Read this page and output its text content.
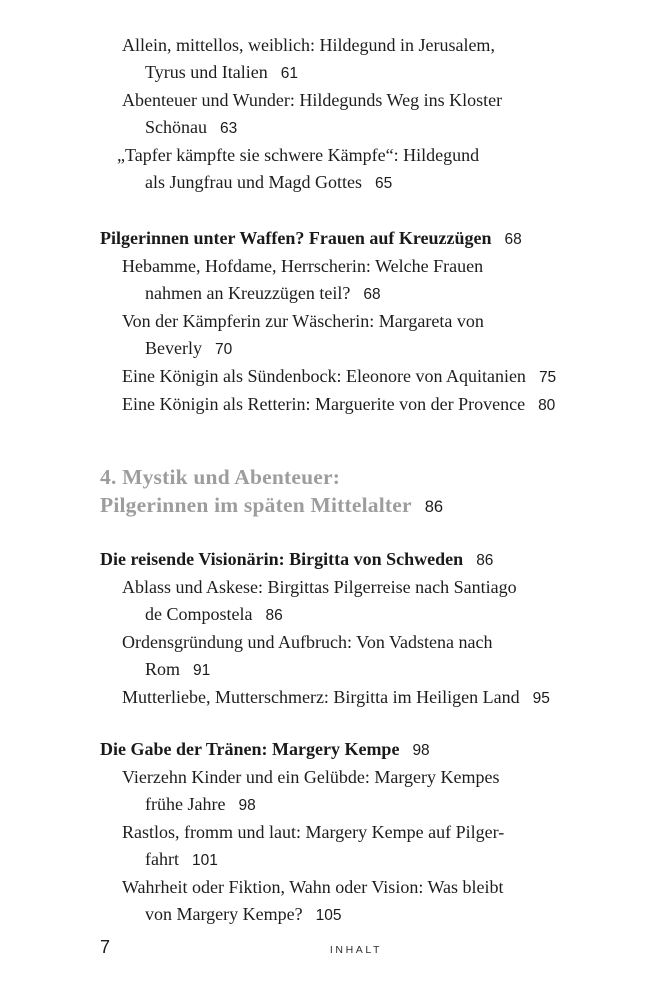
Allein, mittellos, weiblich: Hildegund in Jerusalem,

Tyrus und Italien 61

Abenteuer und Wunder: Hildegunds Weg ins Kloster

Schönau 63

„Tapfer kämpfte sie schwere Kämpfe“: Hildegund

als Jungfrau und Magd Gottes 65

Pilgerinnen unter Waffen? Frauen auf Kreuzzügen 68

Hebamme, Hofdame, Herrscherin: Welche Frauen

nahmen an Kreuzzügen teil? 68

Von der Kämpferin zur Wäscherin: Margareta von

Beverly 70

Eine Königin als Sündenbock: Eleonore von Aquitanien 75

Eine Königin als Retterin: Marguerite von der Provence 80

4. Mystik und Abenteuer:

Pilgerinnen im späten Mittelalter 86

Die reisende Visionärin: Birgitta von Schweden 86

Ablass und Askese: Birgittas Pilgerreise nach Santiago

de Compostela 86

Ordensgründung und Aufbruch: Von Vadstena nach

Rom 91

Mutterliebe, Mutterschmerz: Birgitta im Heiligen Land 95

Die Gabe der Tränen: Margery Kempe 98

Vierzehn Kinder und ein Gelübde: Margery Kempes

frühe Jahre 98

Rastlos, fromm und laut: Margery Kempe auf Pilger-

fahrt 101

Wahrheit oder Fiktion, Wahn oder Vision: Was bleibt

von Margery Kempe? 105

7	INHALT
